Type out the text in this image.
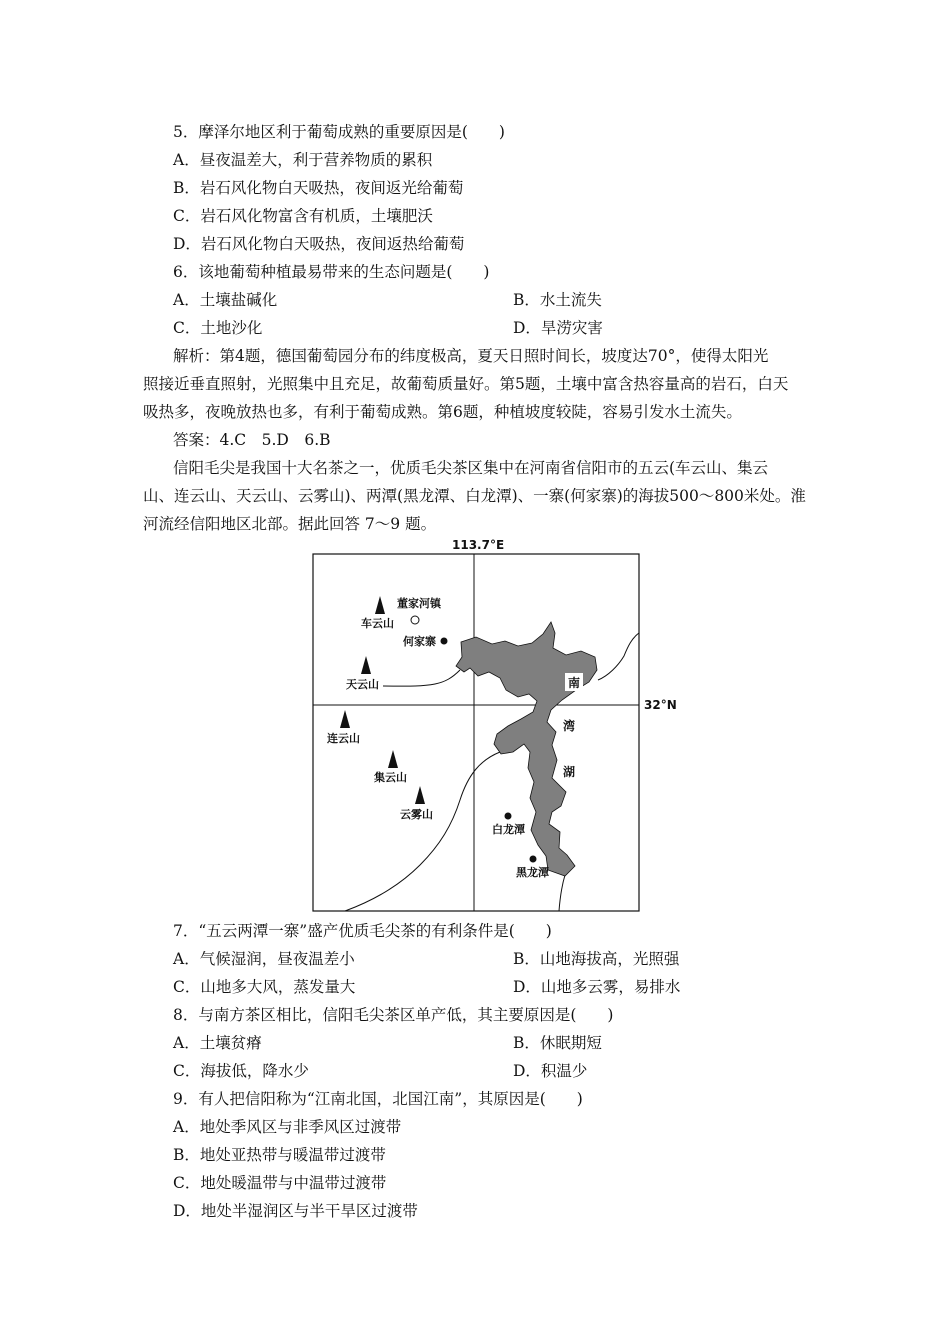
5．摩泽尔地区利于葡萄成熟的重要原因是(　　)
A．昼夜温差大，利于营养物质的累积
B．岩石风化物白天吸热，夜间返光给葡萄
C．岩石风化物富含有机质，土壤肥沃
D．岩石风化物白天吸热，夜间返热给葡萄
6．该地葡萄种植最易带来的生态问题是(　　)
A．土壤盐碱化	B．水土流失
C．土地沙化	D．旱涝灾害
解析：第4题，德国葡萄园分布的纬度极高，夏天日照时间长，坡度达70°，使得太阳光
照接近垂直照射，光照集中且充足，故葡萄质量好。第5题，土壤中富含热容量高的岩石，白天
吸热多，夜晚放热也多，有利于葡萄成熟。第6题，种植坡度较陡，容易引发水土流失。
答案：4.C　5.D　6.B
信阳毛尖是我国十大名茶之一，优质毛尖茶区集中在河南省信阳市的五云(车云山、集云
山、连云山、天云山、云雾山)、两潭(黑龙潭、白龙潭)、一寨(何家寨)的海拔500～800米处。淮
河流经信阳地区北部。据此回答 7～9 题。
113.7°E
32°N
南
湾
湖
车云山
天云山
连云山
集云山
云雾山
董家河镇
何家寨
白龙潭
黑龙潭
7．“五云两潭一寨”盛产优质毛尖茶的有利条件是(　　)
A．气候湿润，昼夜温差小	B．山地海拔高，光照强
C．山地多大风，蒸发量大	D．山地多云雾，易排水
8．与南方茶区相比，信阳毛尖茶区单产低，其主要原因是(　　)
A．土壤贫瘠	B．休眠期短
C．海拔低，降水少	D．积温少
9．有人把信阳称为“江南北国，北国江南”，其原因是(　　)
A．地处季风区与非季风区过渡带
B．地处亚热带与暖温带过渡带
C．地处暖温带与中温带过渡带
D．地处半湿润区与半干旱区过渡带
